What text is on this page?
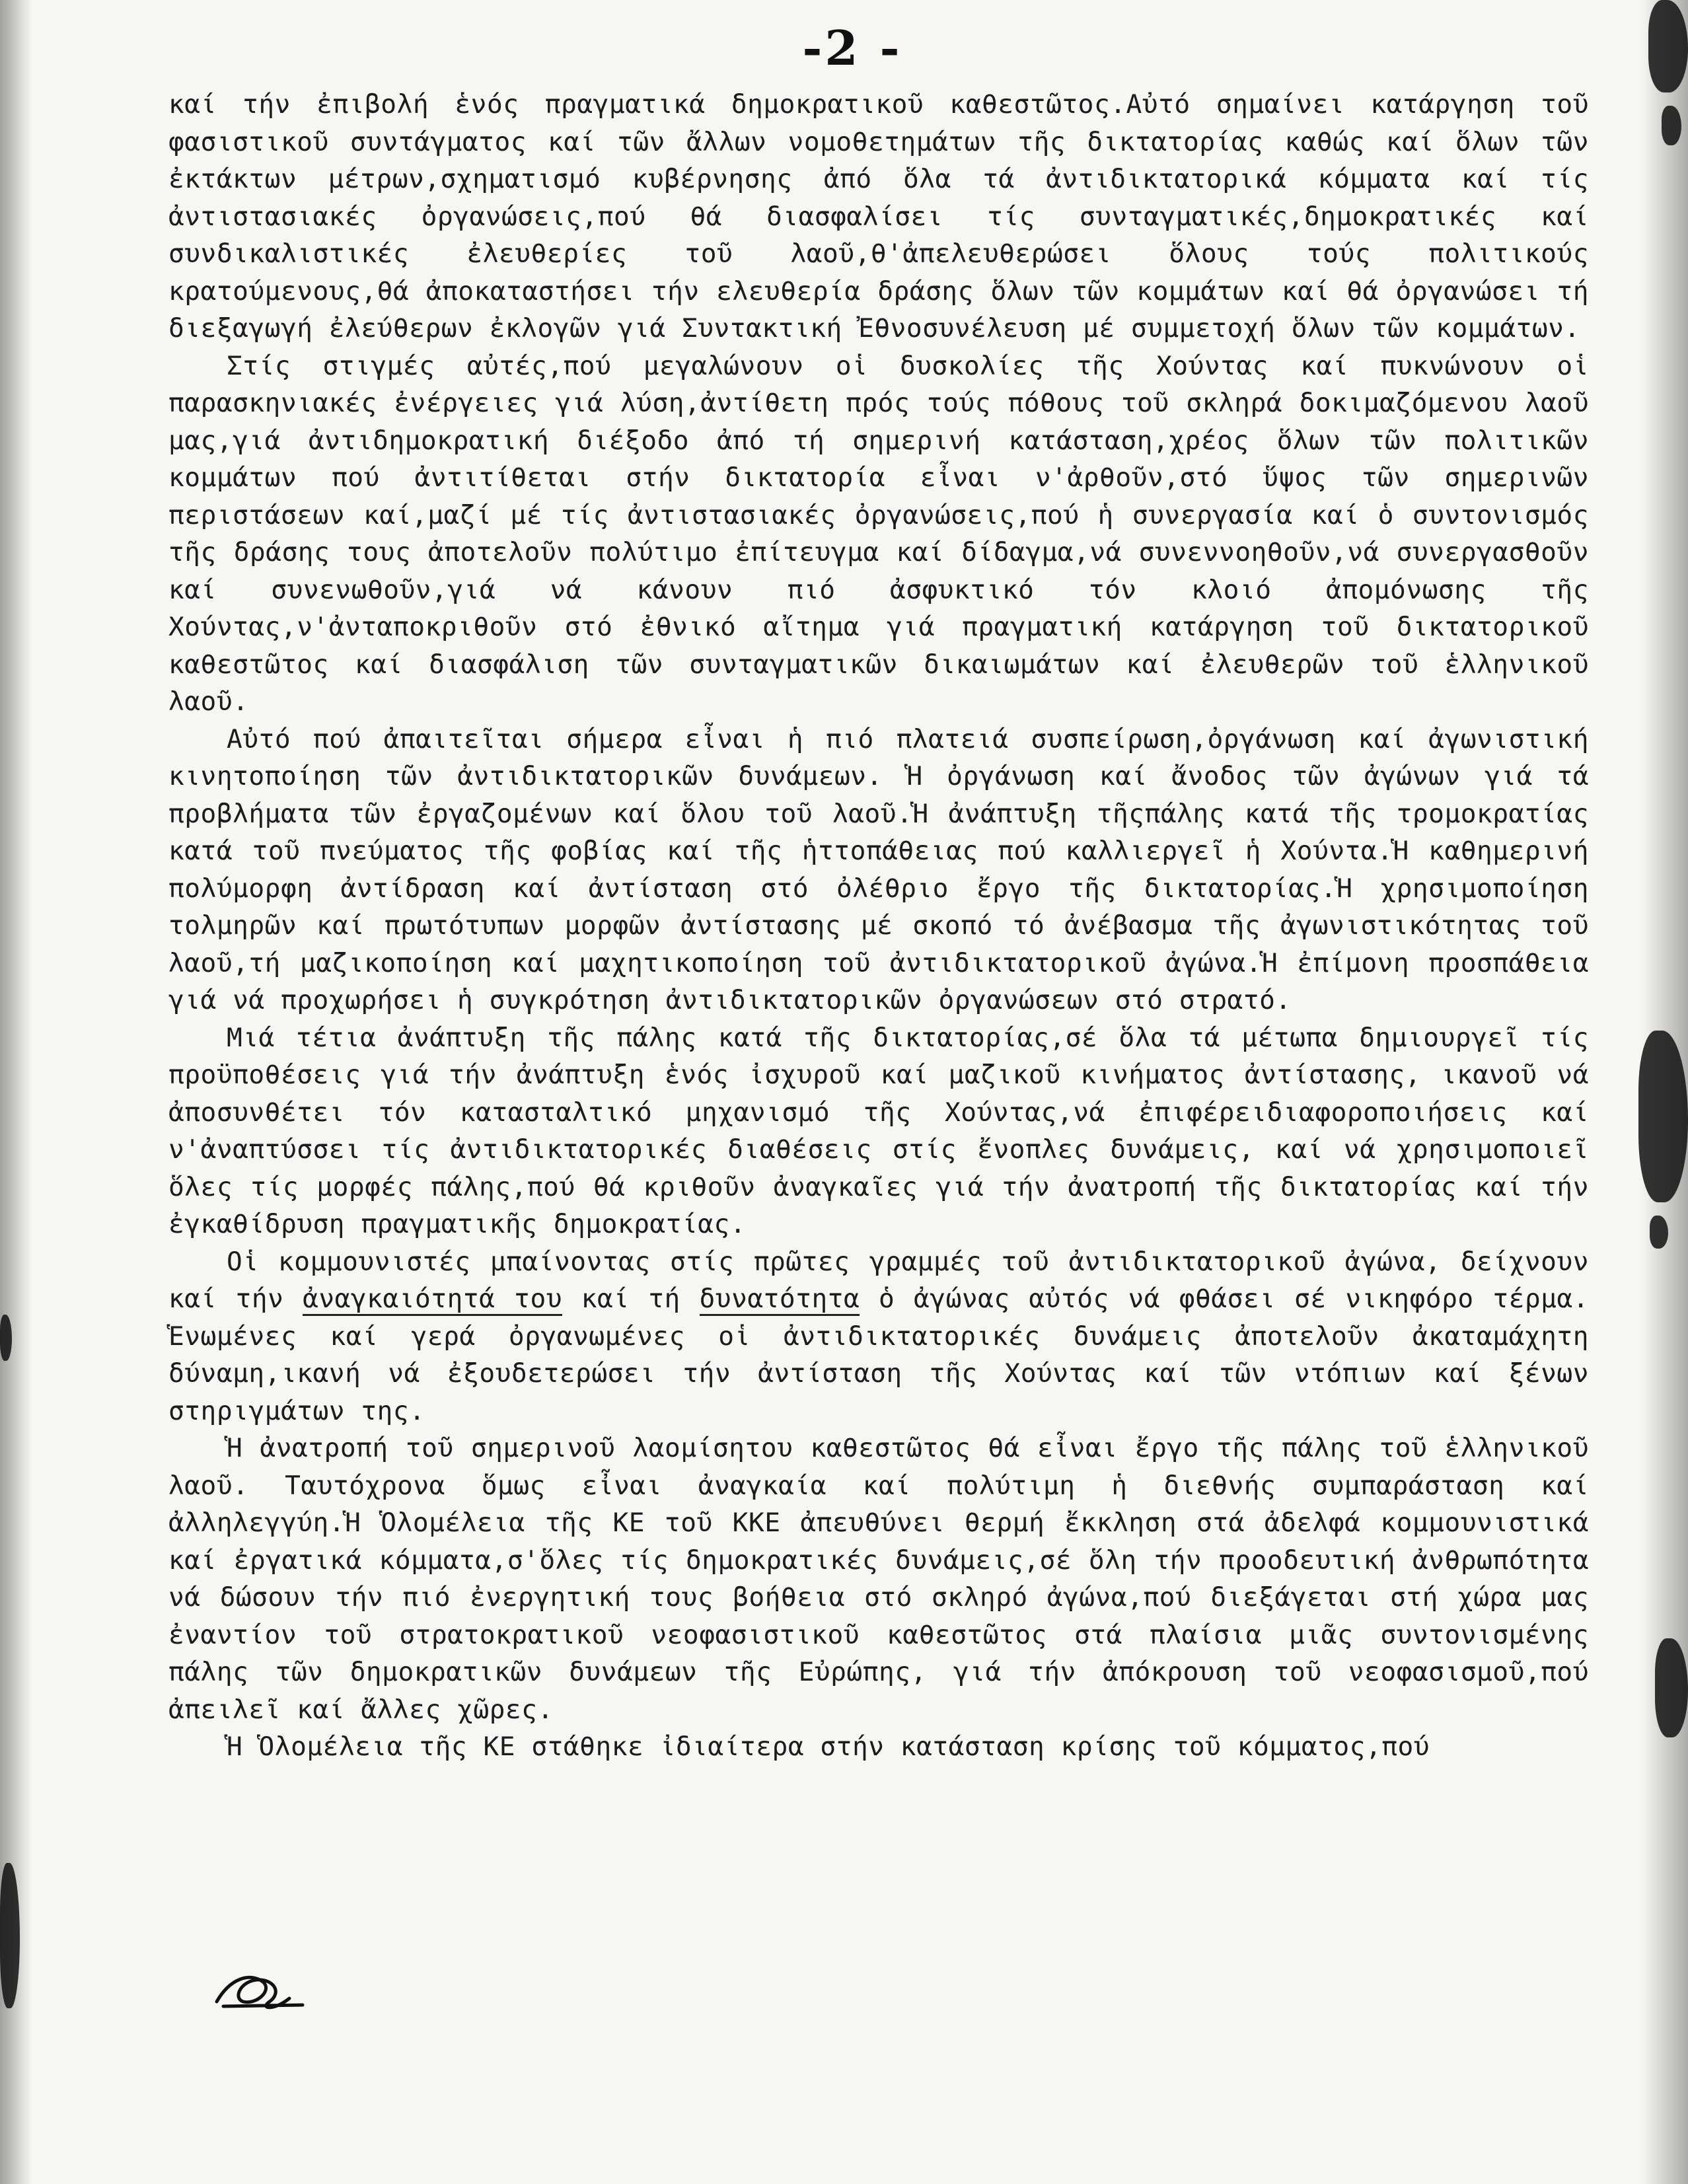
-2 -

καί τήν ἐπιβολή ἑνός πραγματικά δημοκρατικοῦ καθεστῶτος.Αὐτό σημαίνει κατάργηση τοῦ φασιστικοῦ συντάγματος καί τῶν ἄλλων νομοθετημάτων τῆς δικτατορίας καθώς καί ὅλων τῶν ἐκτάκτων μέτρων,σχηματισμό κυβέρνησης ἀπό ὅλα τά ἀντιδικτατορικά κόμματα καί τίς ἀντιστασιακές ὀργανώσεις,πού θά διασφαλίσει τίς συνταγματικές,δημοκρατικές καί συνδικαλιστικές ἐλευθερίες τοῦ λαοῦ,θ'ἀπελευθερώσει ὅλους τούς πολιτικούς κρατούμενους,θά ἀποκαταστήσει τήν ελευθερία δράσης ὅλων τῶν κομμάτων καί θά ὀργανώσει τή διεξαγωγή ἐλεύθερων ἐκλογῶν γιά Συντακτική Ἐθνοσυνέλευση μέ συμμετοχή ὅλων τῶν κομμάτων.

Στίς στιγμές αὐτές,πού μεγαλώνουν οἱ δυσκολίες τῆς Χούντας καί πυκνώνουν οἱ παρασκηνιακές ἐνέργειες γιά λύση,ἀντίθετη πρός τούς πόθους τοῦ σκληρά δοκιμαζόμενου λαοῦ μας,γιά ἀντιδημοκρατική διέξοδο ἀπό τή σημερινή κατάσταση,χρέος ὅλων τῶν πολιτικῶν κομμάτων πού ἀντιτίθεται στήν δικτατορία εἶναι ν'ἀρθοῦν,στό ὕψος τῶν σημερινῶν περιστάσεων καί,μαζί μέ τίς ἀντιστασιακές ὀργανώσεις,πού ἡ συνεργασία καί ὁ συντονισμός τῆς δράσης τους ἀποτελοῦν πολύτιμο ἐπίτευγμα καί δίδαγμα,νά συνεννοηθοῦν,νά συνεργασθοῦν καί συνενωθοῦν,γιά νά κάνουν πιό ἀσφυκτικό τόν κλοιό ἀπομόνωσης τῆς Χούντας,ν'ἀνταποκριθοῦν στό ἐθνικό αἴτημα γιά πραγματική κατάργηση τοῦ δικτατορικοῦ καθεστῶτος καί διασφάλιση τῶν συνταγματικῶν δικαιωμάτων καί ἐλευθερῶν τοῦ ἑλληνικοῦ λαοῦ.

Αὐτό πού ἀπαιτεῖται σήμερα εἶναι ἡ πιό πλατειά συσπείρωση,ὀργάνωση καί ἀγωνιστική κινητοποίηση τῶν ἀντιδικτατορικῶν δυνάμεων. Ἡ ὀργάνωση καί ἄνοδος τῶν ἀγώνων γιά τά προβλήματα τῶν ἐργαζομένων καί ὅλου τοῦ λαοῦ.Ἡ ἀνάπτυξη τῆςπάλης κατά τῆς τρομοκρατίας κατά τοῦ πνεύματος τῆς φοβίας καί τῆς ἡττοπάθειας πού καλλιεργεῖ ἡ Χούντα.Ἡ καθημερινή πολύμορφη ἀντίδραση καί ἀντίσταση στό ὀλέθριο ἔργο τῆς δικτατορίας.Ἡ χρησιμοποίηση τολμηρῶν καί πρωτότυπων μορφῶν ἀντίστασης μέ σκοπό τό ἀνέβασμα τῆς ἀγωνιστικότητας τοῦ λαοῦ,τή μαζικοποίηση καί μαχητικοποίηση τοῦ ἀντιδικτατορικοῦ ἀγώνα.Ἡ ἐπίμονη προσπάθεια γιά νά προχωρήσει ἡ συγκρότηση ἀντιδικτατορικῶν ὀργανώσεων στό στρατό.

Μιά τέτια ἀνάπτυξη τῆς πάλης κατά τῆς δικτατορίας,σέ ὅλα τά μέτωπα δημιουργεῖ τίς προϋποθέσεις γιά τήν ἀνάπτυξη ἑνός ἰσχυροῦ καί μαζικοῦ κινήματος ἀντίστασης, ικανοῦ νά ἀποσυνθέτει τόν κατασταλτικό μηχανισμό τῆς Χούντας,νά ἐπιφέρειδιαφοροποιήσεις καί ν'ἀναπτύσσει τίς ἀντιδικτατορικές διαθέσεις στίς ἔνοπλες δυνάμεις, καί νά χρησιμοποιεῖ ὅλες τίς μορφές πάλης,πού θά κριθοῦν ἀναγκαῖες γιά τήν ἀνατροπή τῆς δικτατορίας καί τήν ἐγκαθίδρυση πραγματικῆς δημοκρατίας.

Οἱ κομμουνιστές μπαίνοντας στίς πρῶτες γραμμές τοῦ ἀντιδικτατορικοῦ ἀγώνα, δείχνουν καί τήν ἀναγκαιότητά του καί τή δυνατότητα ὁ ἀγώνας αὐτός νά φθάσει σέ νικηφόρο τέρμα. Ἑνωμένες καί γερά ὀργανωμένες οἱ ἀντιδικτατορικές δυνάμεις ἀποτελοῦν ἀκαταμάχητη δύναμη,ικανή νά ἐξουδετερώσει τήν ἀντίσταση τῆς Χούντας καί τῶν ντόπιων καί ξένων στηριγμάτων της.

Ἡ ἀνατροπή τοῦ σημερινοῦ λαομίσητου καθεστῶτος θά εἶναι ἔργο τῆς πάλης τοῦ ἑλληνικοῦ λαοῦ. Ταυτόχρονα ὅμως εἶναι ἀναγκαία καί πολύτιμη ἡ διεθνής συμπαράσταση καί ἀλληλεγγύη.Ἡ Ὁλομέλεια τῆς ΚΕ τοῦ ΚΚΕ ἀπευθύνει θερμή ἔκκληση στά ἀδελφά κομμουνιστικά καί ἐργατικά κόμματα,σ'ὅλες τίς δημοκρατικές δυνάμεις,σέ ὅλη τήν προοδευτική ἀνθρωπότητα νά δώσουν τήν πιό ἐνεργητική τους βοήθεια στό σκληρό ἀγώνα,πού διεξάγεται στή χώρα μας ἐναντίον τοῦ στρατοκρατικοῦ νεοφασιστικοῦ καθεστῶτος στά πλαίσια μιᾶς συντονισμένης πάλης τῶν δημοκρατικῶν δυνάμεων τῆς Εὐρώπης, γιά τήν ἀπόκρουση τοῦ νεοφασισμοῦ,πού ἀπειλεῖ καί ἄλλες χῶρες.

Ἡ Ὁλομέλεια τῆς ΚΕ στάθηκε ἰδιαίτερα στήν κατάσταση κρίσης τοῦ κόμματος,πού
